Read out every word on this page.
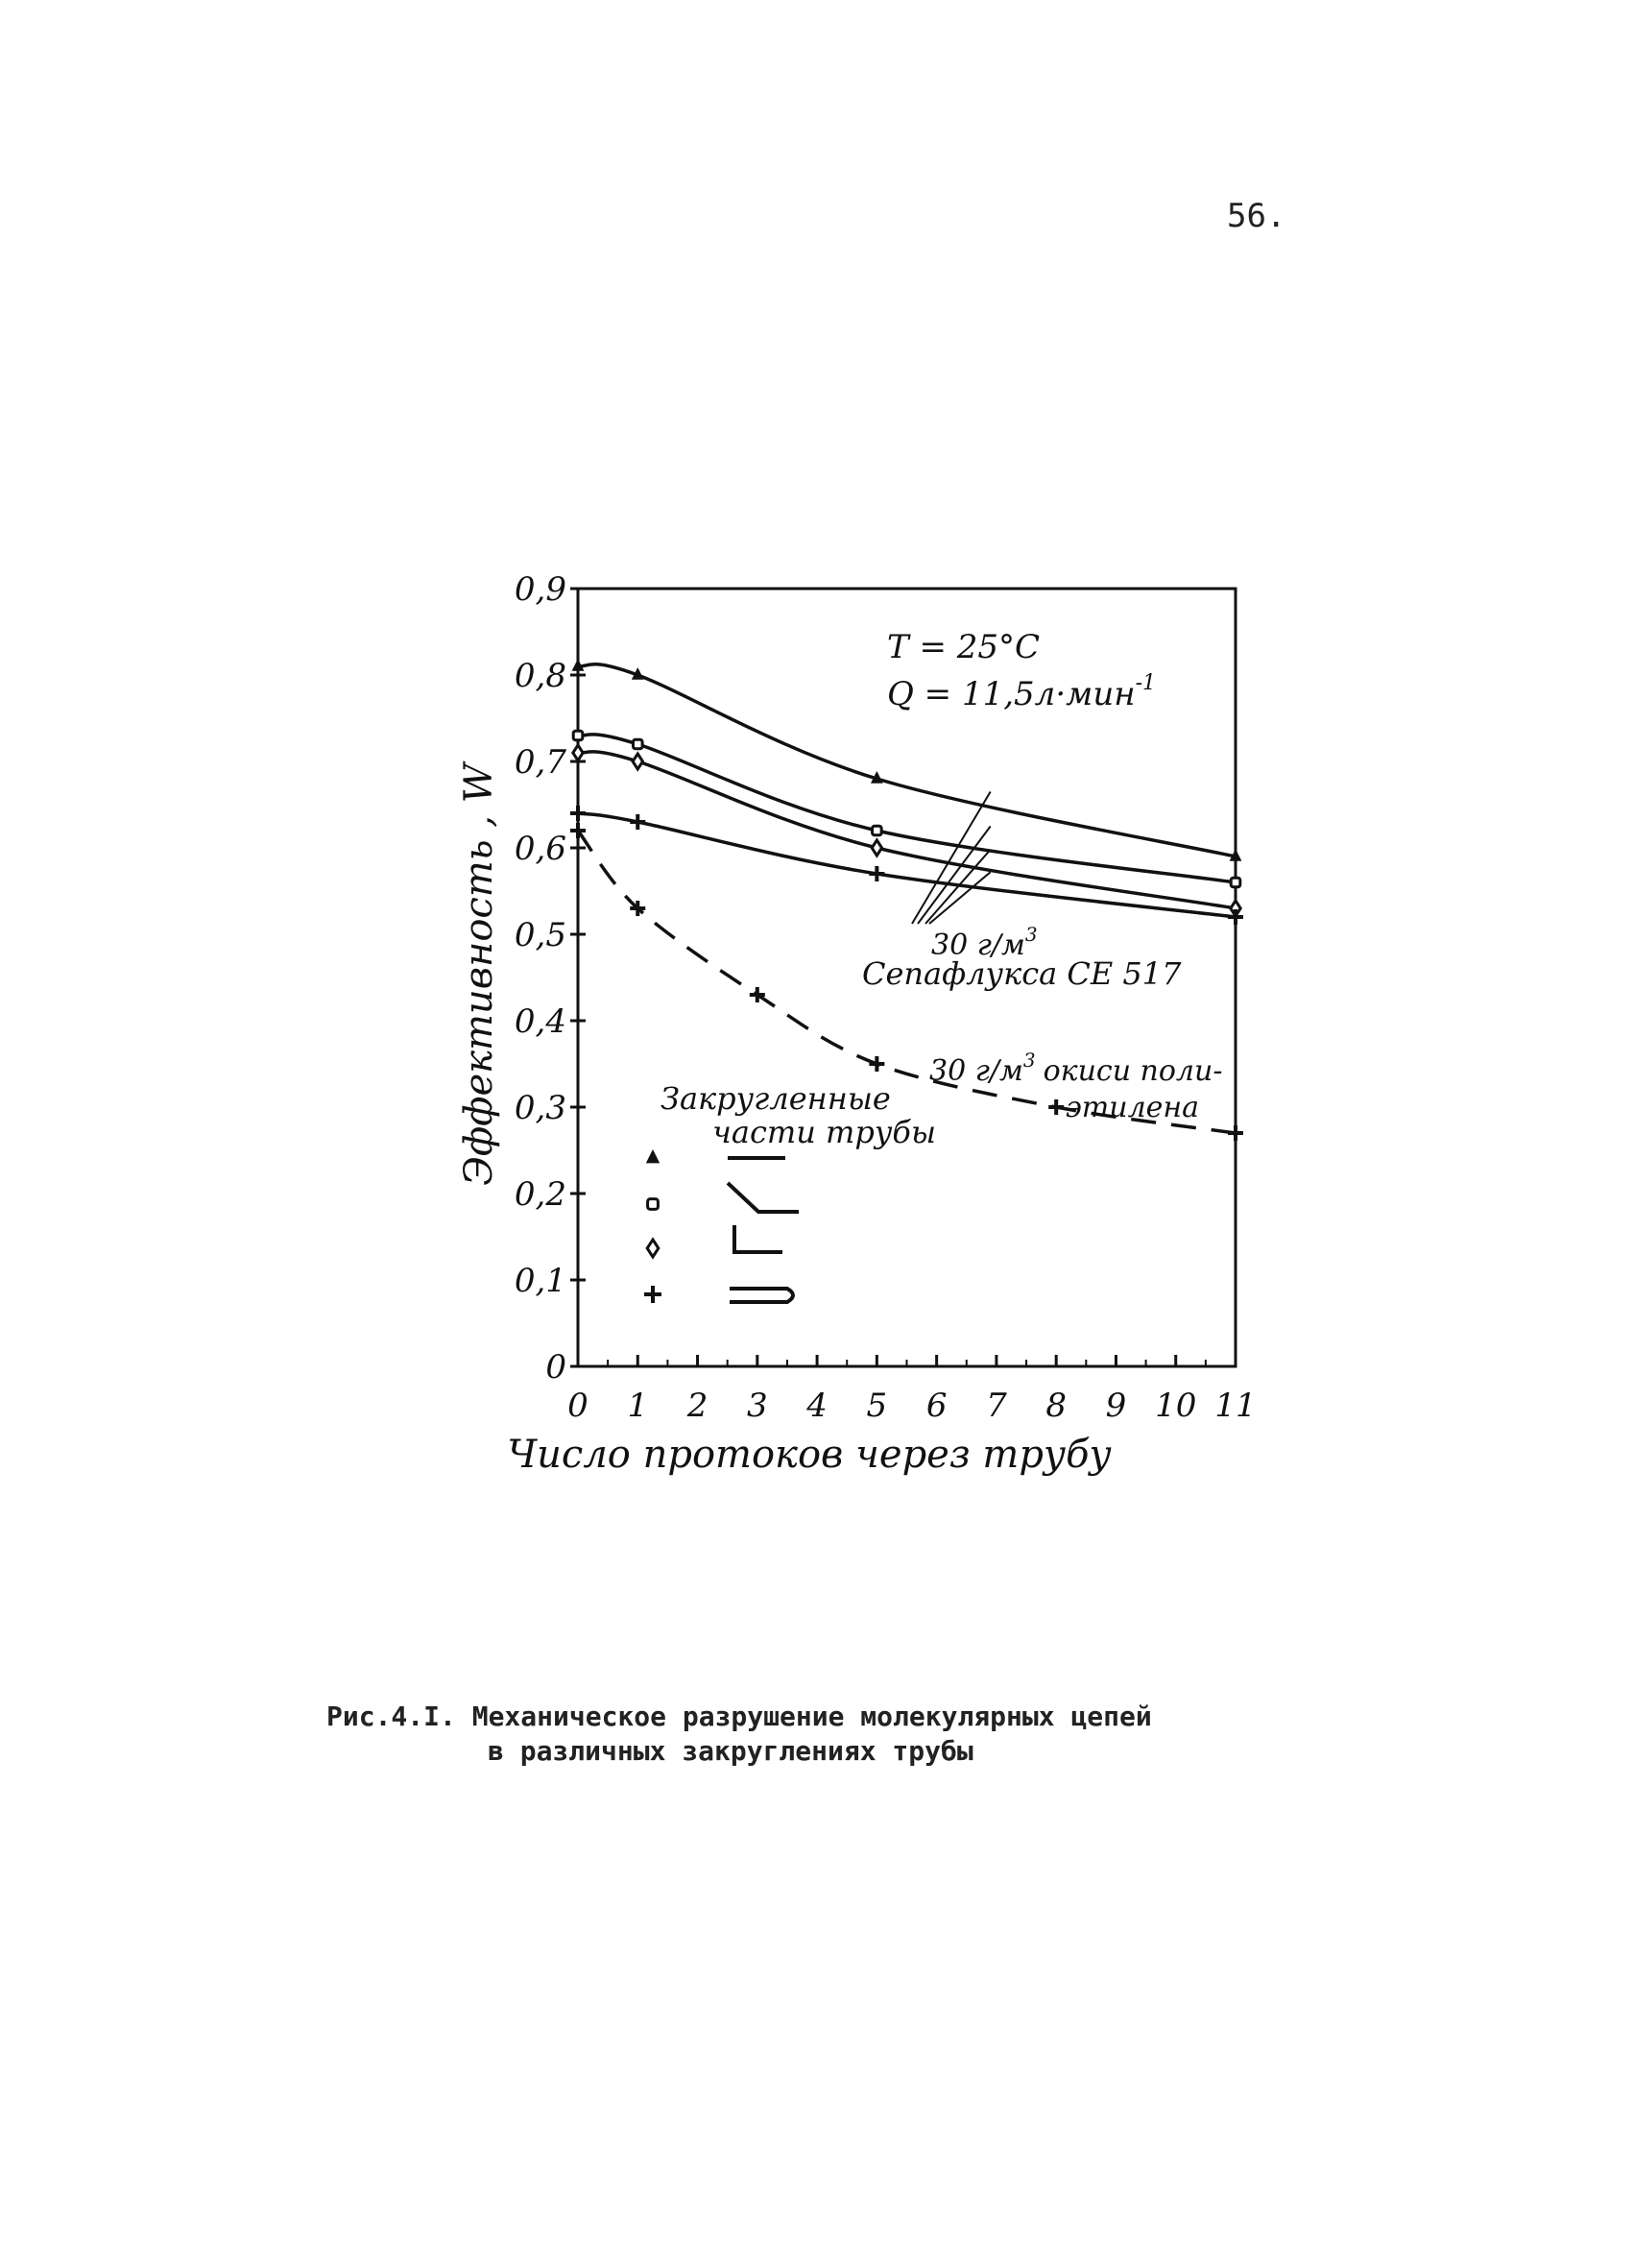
56.
0 1 2 3 4 5 6 7 8 9 10 11
0
0,1
0,2
0,3
0,4
0,5
0,6
0,7
0,8
0,9
Эффективность , W
Число протоков через трубу
T = 25°C
Q = 11,5л·мин$^{-1}$
30 $г/м^3$
Сепафлукса СЕ 517
30 $г/м^3$ окиси поли-
этилена
Закругленные
части трубы
Рис.4.I. Механическое разрушение молекулярных цепей
в различных закруглениях трубы
